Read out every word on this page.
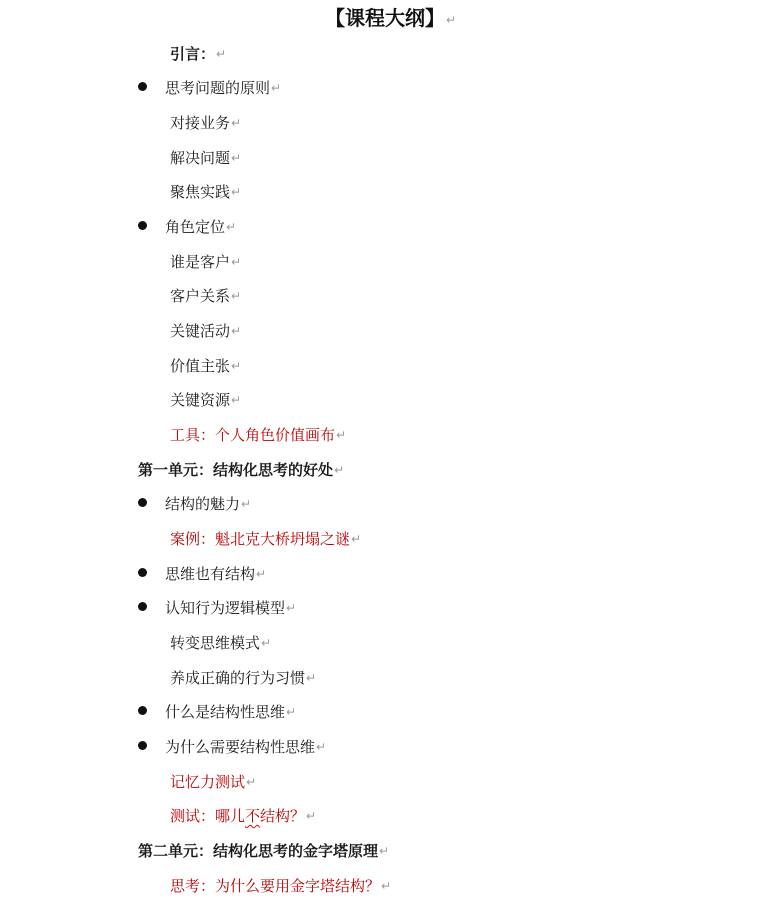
【课程大纲】↵
引言：↵
思考问题的原则↵
对接业务↵
解决问题↵
聚焦实践↵
角色定位↵
谁是客户↵
客户关系↵
关键活动↵
价值主张↵
关键资源↵
工具：个人角色价值画布↵
第一单元：结构化思考的好处↵
结构的魅力↵
案例：魁北克大桥坍塌之谜↵
思维也有结构↵
认知行为逻辑模型↵
转变思维模式↵
养成正确的行为习惯↵
什么是结构性思维↵
为什么需要结构性思维↵
记忆力测试↵
测试：哪儿不结构？↵
第二单元：结构化思考的金字塔原理↵
思考：为什么要用金字塔结构？↵
